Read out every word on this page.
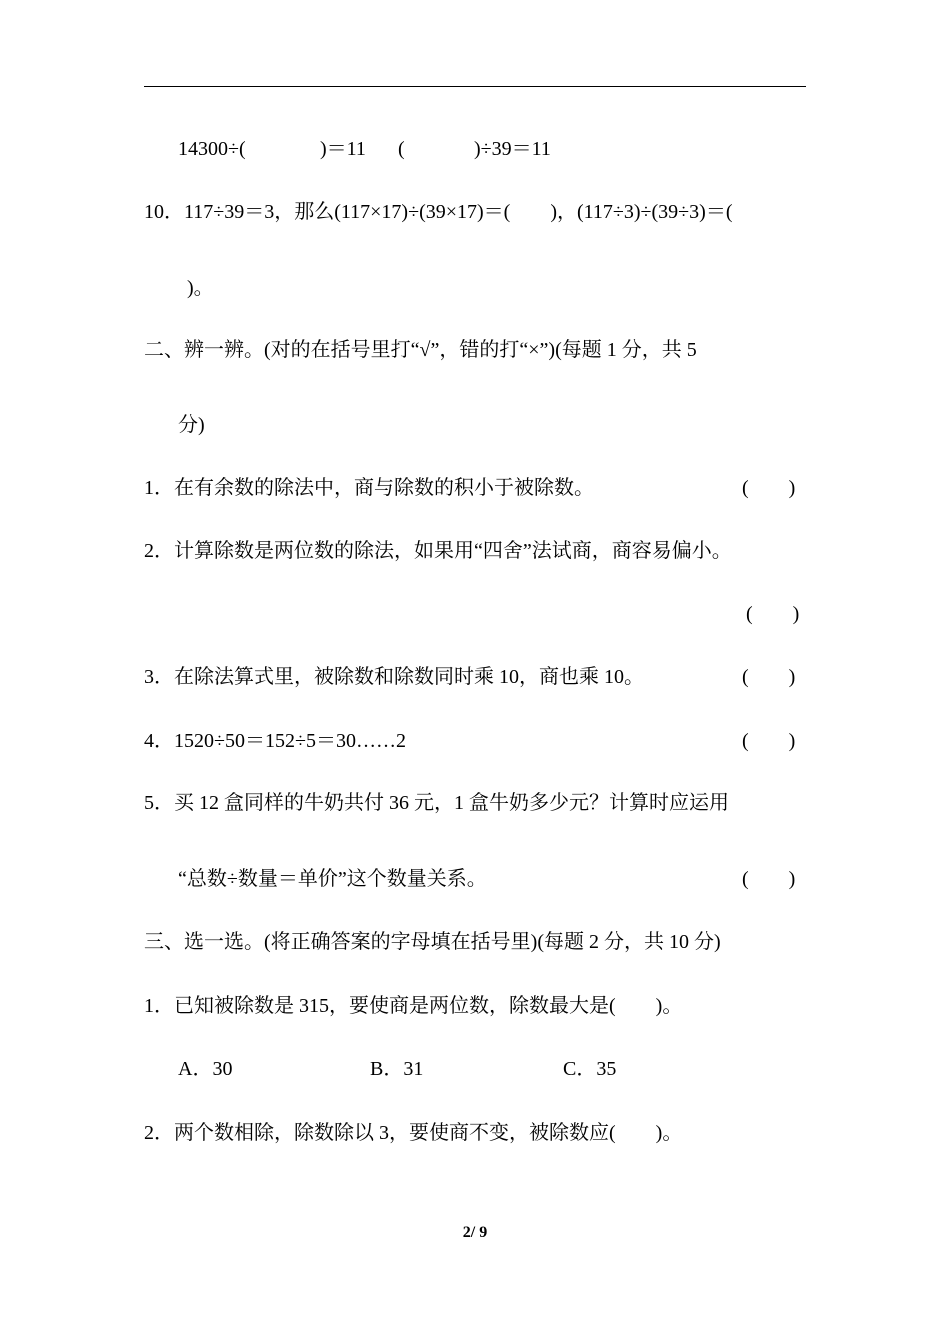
14300÷(	)＝11 (	)÷39＝11
10．117÷39＝3，那么(117×17)÷(39×17)＝(　　)，(117÷3)÷(39÷3)＝(
)。
二、辨一辨。(对的在括号里打“√”，错的打“×”)(每题 1 分，共 5
分)
1．在有余数的除法中，商与除数的积小于被除数。	(　　)
2．计算除数是两位数的除法，如果用“四舍”法试商，商容易偏小。
(　　)
3．在除法算式里，被除数和除数同时乘 10，商也乘 10。	(　　)
4．1520÷50＝152÷5＝30……2	(　　)
5．买 12 盒同样的牛奶共付 36 元，1 盒牛奶多少元？计算时应运用
“总数÷数量＝单价”这个数量关系。	(　　)
三、选一选。(将正确答案的字母填在括号里)(每题 2 分，共 10 分)
1．已知被除数是 315，要使商是两位数，除数最大是(　　)。
A．30	B．31	C．35
2．两个数相除，除数除以 3，要使商不变，被除数应(　　)。
2/ 9
